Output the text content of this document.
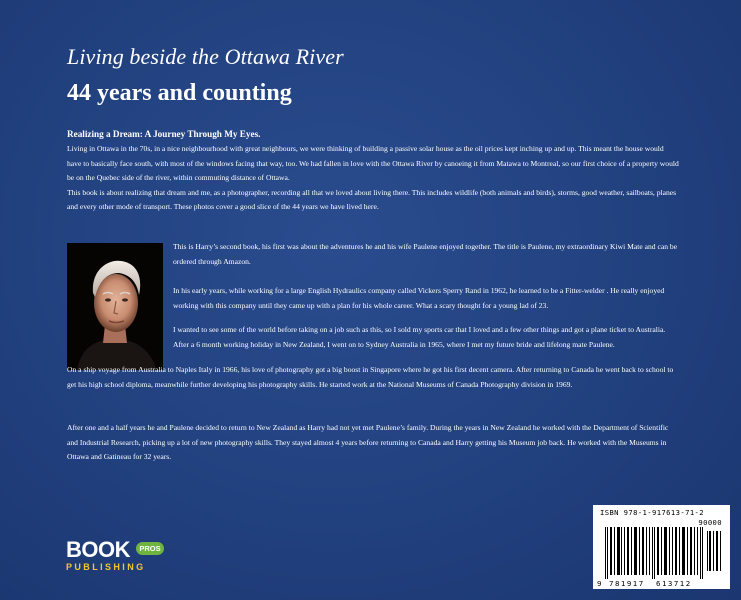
Living beside the Ottawa River
44 years and counting
Realizing a Dream: A Journey Through My Eyes.

Living in Ottawa in the 70s, in a nice neighbourhood with great neighbours, we were thinking of building a passive solar house as the oil prices kept inching up and up. This meant the house would have to basically face south, with most of the windows facing that way, too. We had fallen in love with the Ottawa River by canoeing it from Matawa to Montreal, so our first choice of a property would be on the Quebec side of the river, within commuting distance of Ottawa.

This book is about realizing that dream and me, as a photographer, recording all that we loved about living there. This includes wildlife (both animals and birds), storms, good weather, sailboats, planes and every other mode of transport. These photos cover a good slice of the 44 years we have lived here.

This is Harry’s second book, his first was about the adventures he and his wife Paulene enjoyed together. The title is Paulene, my extraordinary Kiwi Mate and can be ordered through Amazon.

In his early years, while working for a large English Hydraulics company called Vickers Sperry Rand in 1962, he learned to be a Fitter-welder . He really enjoyed working with this company until they came up with a plan for his whole career. What a scary thought for a young lad of 23.

I wanted to see some of the world before taking on a job such as this, so I sold my sports car that I loved and a few other things and got a plane ticket to Australia. After a 6 month working holiday in New Zealand, I went on to Sydney Australia in 1965, where I met my future bride and lifelong mate Paulene.

On a ship voyage from Australia to Naples Italy in 1966, his love of photography got a big boost in Singapore where he got his first decent camera. After returning to Canada he went back to school to get his high school diploma, meanwhile further developing his photography skills. He started work at the National Museums of Canada Photography division in 1969.

After one and a half years he and Paulene decided to return to New Zealand as Harry had not yet met Paulene’s family. During the years in New Zealand he worked with the Department of Scientific and Industrial Research, picking up a lot of new photography skills. They stayed almost 4 years before returning to Canada and Harry getting his Museum job back. He worked with the Museums in Ottawa and Gatineau for 32 years.

ISBN 978-1-917613-71-2
90000
9 781917 613712
BOOK	PROS
PUBLISHING
